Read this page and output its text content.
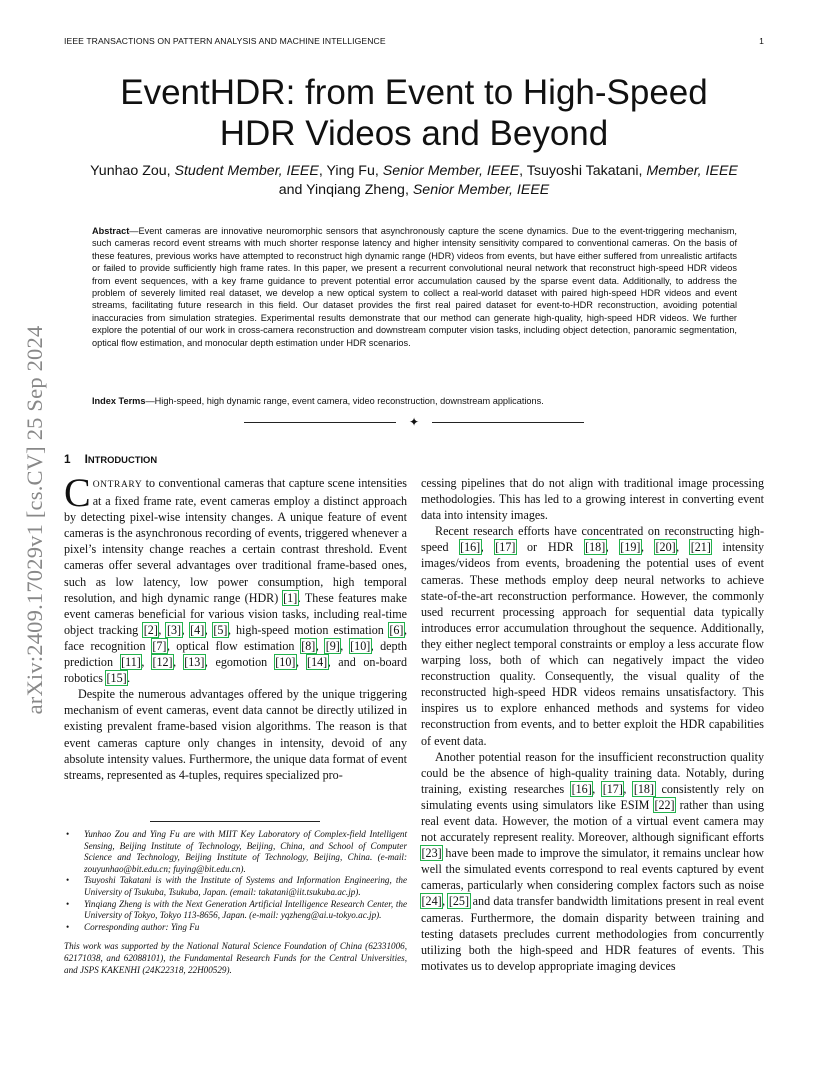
IEEE TRANSACTIONS ON PATTERN ANALYSIS AND MACHINE INTELLIGENCE	1
arXiv:2409.17029v1 [cs.CV] 25 Sep 2024
EventHDR: from Event to High-Speed HDR Videos and Beyond
Yunhao Zou, Student Member, IEEE, Ying Fu, Senior Member, IEEE, Tsuyoshi Takatani, Member, IEEE
and Yinqiang Zheng, Senior Member, IEEE
Abstract—Event cameras are innovative neuromorphic sensors that asynchronously capture the scene dynamics. Due to the event-triggering mechanism, such cameras record event streams with much shorter response latency and higher intensity sensitivity compared to conventional cameras. On the basis of these features, previous works have attempted to reconstruct high dynamic range (HDR) videos from events, but have either suffered from unrealistic artifacts or failed to provide sufficiently high frame rates. In this paper, we present a recurrent convolutional neural network that reconstruct high-speed HDR videos from event sequences, with a key frame guidance to prevent potential error accumulation caused by the sparse event data. Additionally, to address the problem of severely limited real dataset, we develop a new optical system to collect a real-world dataset with paired high-speed HDR videos and event streams, facilitating future research in this field. Our dataset provides the first real paired dataset for event-to-HDR reconstruction, avoiding potential inaccuracies from simulation strategies. Experimental results demonstrate that our method can generate high-quality, high-speed HDR videos. We further explore the potential of our work in cross-camera reconstruction and downstream computer vision tasks, including object detection, panoramic segmentation, optical flow estimation, and monocular depth estimation under HDR scenarios.
Index Terms—High-speed, high dynamic range, event camera, video reconstruction, downstream applications.
✦
1 INTRODUCTION

CONTRARY to conventional cameras that capture scene intensities at a fixed frame rate, event cameras employ a distinct approach by detecting pixel-wise intensity changes. A unique feature of event cameras is the asynchronous recording of events, triggered whenever a pixel’s intensity change reaches a certain contrast threshold. Event cameras offer several advantages over traditional frame-based ones, such as low latency, low power consumption, high temporal resolution, and high dynamic range (HDR) [1]. These features make event cameras beneficial for various vision tasks, including real-time object tracking [2], [3], [4], [5], high-speed motion estimation [6], face recognition [7], optical flow estimation [8], [9], [10], depth prediction [11], [12], [13], egomotion [10], [14], and on-board robotics [15].

Despite the numerous advantages offered by the unique triggering mechanism of event cameras, event data cannot be directly utilized in existing prevalent frame-based vision algorithms. The reason is that event cameras capture only changes in intensity, devoid of any absolute intensity values. Furthermore, the unique data format of event streams, represented as 4-tuples, requires specialized pro-

• Yunhao Zou and Ying Fu are with MIIT Key Laboratory of Complex-field Intelligent Sensing, Beijing Institute of Technology, Beijing, China, and School of Computer Science and Technology, Beijing Institute of Technology, Beijing, China. (e-mail: zouyunhao@bit.edu.cn; fuying@bit.edu.cn).
• Tsuyoshi Takatani is with the Institute of Systems and Information Engineering, the University of Tsukuba, Tsukuba, Japan. (email: takatani@iit.tsukuba.ac.jp).
• Yinqiang Zheng is with the Next Generation Artificial Intelligence Research Center, the University of Tokyo, Tokyo 113-8656, Japan. (e-mail: yqzheng@ai.u-tokyo.ac.jp).
• Corresponding author: Ying Fu
This work was supported by the National Natural Science Foundation of China (62331006, 62171038, and 62088101), the Fundamental Research Funds for the Central Universities, and JSPS KAKENHI (24K22318, 22H00529).

cessing pipelines that do not align with traditional image processing methodologies. This has led to a growing interest in converting event data into intensity images.

Recent research efforts have concentrated on reconstructing high-speed [16], [17] or HDR [18], [19], [20], [21] intensity images/videos from events, broadening the potential uses of event cameras. These methods employ deep neural networks to achieve state-of-the-art reconstruction performance. However, the commonly used recurrent processing approach for sequential data typically introduces error accumulation throughout the sequence. Additionally, they either neglect temporal constraints or employ a less accurate flow warping loss, both of which can negatively impact the video reconstruction quality. Consequently, the visual quality of the reconstructed high-speed HDR videos remains unsatisfactory. This inspires us to explore enhanced methods and systems for video reconstruction from events, and to better exploit the HDR capabilities of event data.

Another potential reason for the insufficient reconstruction quality could be the absence of high-quality training data. Notably, during training, existing researches [16], [17], [18] consistently rely on simulating events using simulators like ESIM [22] rather than using real event data. However, the motion of a virtual event camera may not accurately represent reality. Moreover, although significant efforts [23] have been made to improve the simulator, it remains unclear how well the simulated events correspond to real events captured by event cameras, particularly when considering complex factors such as noise [24], [25] and data transfer bandwidth limitations present in real event cameras. Furthermore, the domain disparity between training and testing datasets precludes current methodologies from concurrently utilizing both the high-speed and HDR features of events. This motivates us to develop appropriate imaging devices
